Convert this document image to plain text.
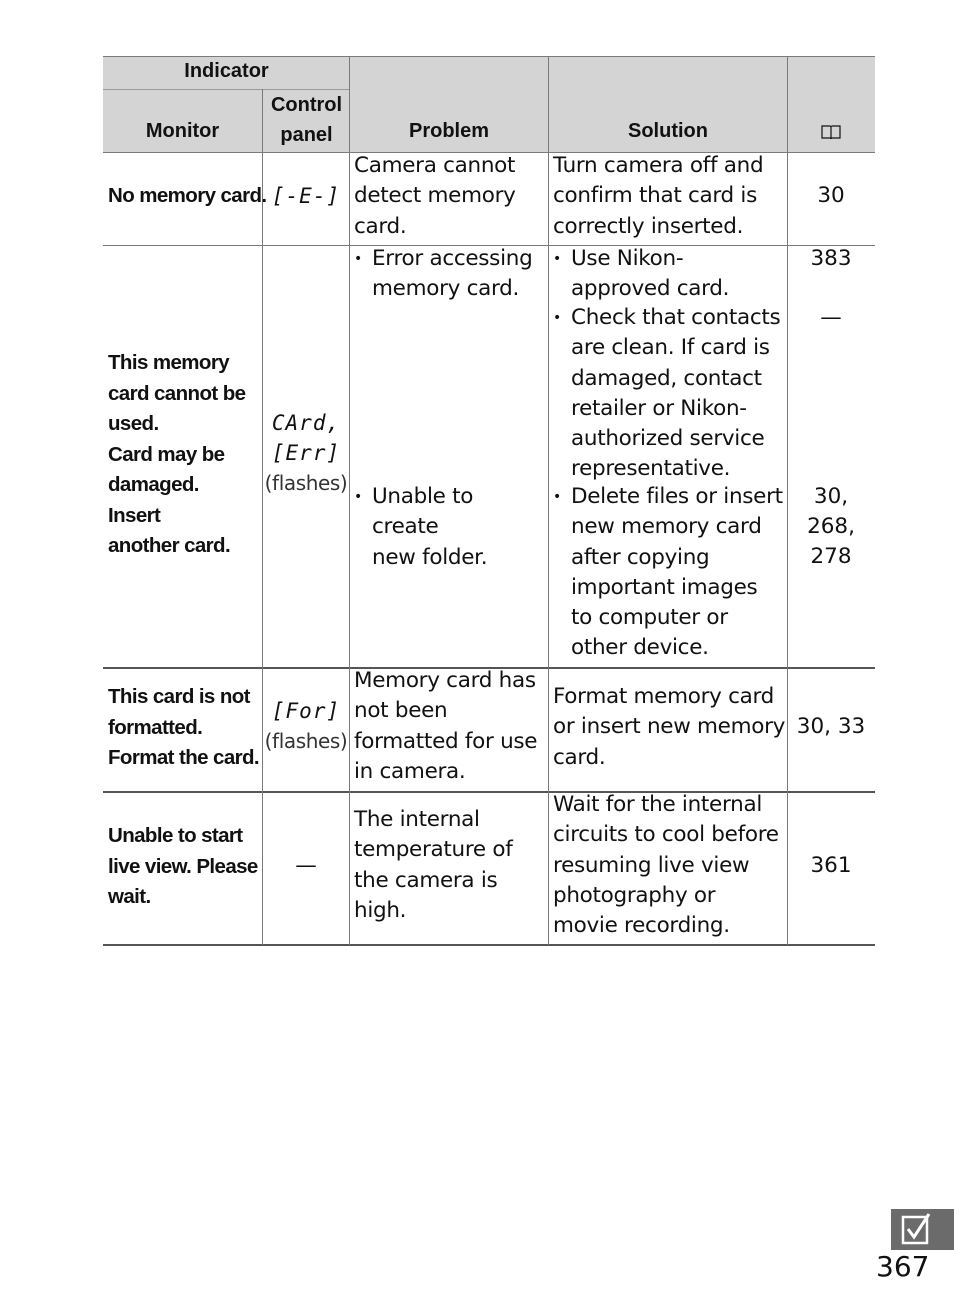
Indicator
Monitor
Control
panel	Problem	Solution
No memory card. [-E-]
Camera cannot
detect memory
card.
Turn camera off and
confirm that card is
correctly inserted.
30
This memory
card cannot be
used.
Card may be
damaged.
Insert
another card.
CArd,
[Err]
(flashes)
• Error accessing
memory card.
• Unable to create
new folder.
• Use Nikon-
approved card.
• Check that contacts
are clean. If card is
damaged, contact
retailer or Nikon-
authorized service
representative.
• Delete files or insert
new memory card
after copying
important images
to computer or
other device.
383
—
30,
268,
278
This card is not
formatted.
Format the card.
[For]
(flashes)
Memory card has
not been
formatted for use
in camera.
Format memory card
or insert new memory
card.
30, 33
Unable to start
live view. Please
wait.
—
The internal
temperature of
the camera is
high.
Wait for the internal
circuits to cool before
resuming live view
photography or
movie recording.
361
367
